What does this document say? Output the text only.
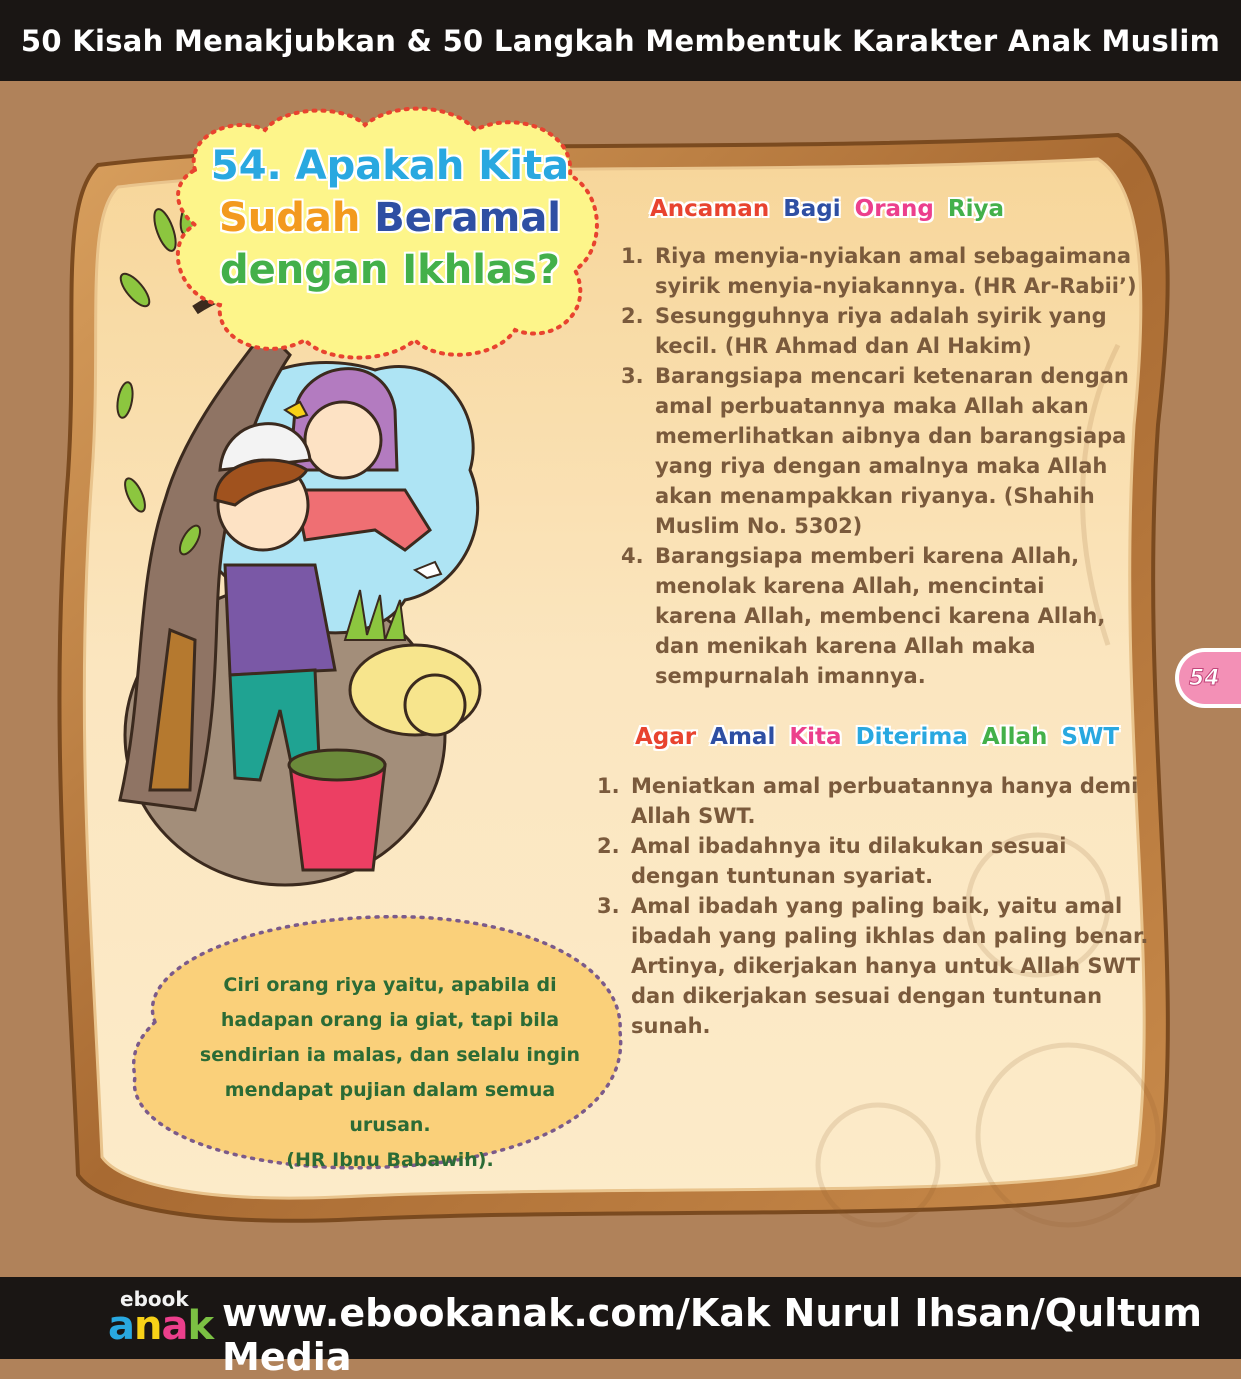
50 Kisah Menakjubkan & 50 Langkah Membentuk Karakter Anak Muslim
54. Apakah Kita
Sudah Beramal
dengan Ikhlas?
Ancaman Bagi Orang Riya
1. Riya menyia-nyiakan amal sebagaimana
syirik menyia-nyiakannya. (HR Ar-Rabii’)
2. Sesungguhnya riya adalah syirik yang
kecil. (HR Ahmad dan Al Hakim)
3. Barangsiapa mencari ketenaran dengan
amal perbuatannya maka Allah akan
memerlihatkan aibnya dan barangsiapa
yang riya dengan amalnya maka Allah
akan menampakkan riyanya. (Shahih
Muslim No. 5302)
4. Barangsiapa memberi karena Allah,
menolak karena Allah, mencintai
karena Allah, membenci karena Allah,
dan menikah karena Allah maka
sempurnalah imannya.
Agar Amal Kita Diterima Allah SWT
1. Meniatkan amal perbuatannya hanya demi
Allah SWT.
2. Amal ibadahnya itu dilakukan sesuai
dengan tuntunan syariat.
3. Amal ibadah yang paling baik, yaitu amal
ibadah yang paling ikhlas dan paling benar.
Artinya, dikerjakan hanya untuk Allah SWT
dan dikerjakan sesuai dengan tuntunan
sunah.
Ciri orang riya yaitu, apabila di
hadapan orang ia giat, tapi bila
sendirian ia malas, dan selalu ingin
mendapat pujian dalam semua
urusan.
(HR Ibnu Babawih).
54
ebook
anak www.ebookanak.com/Kak Nurul Ihsan/Qultum Media
